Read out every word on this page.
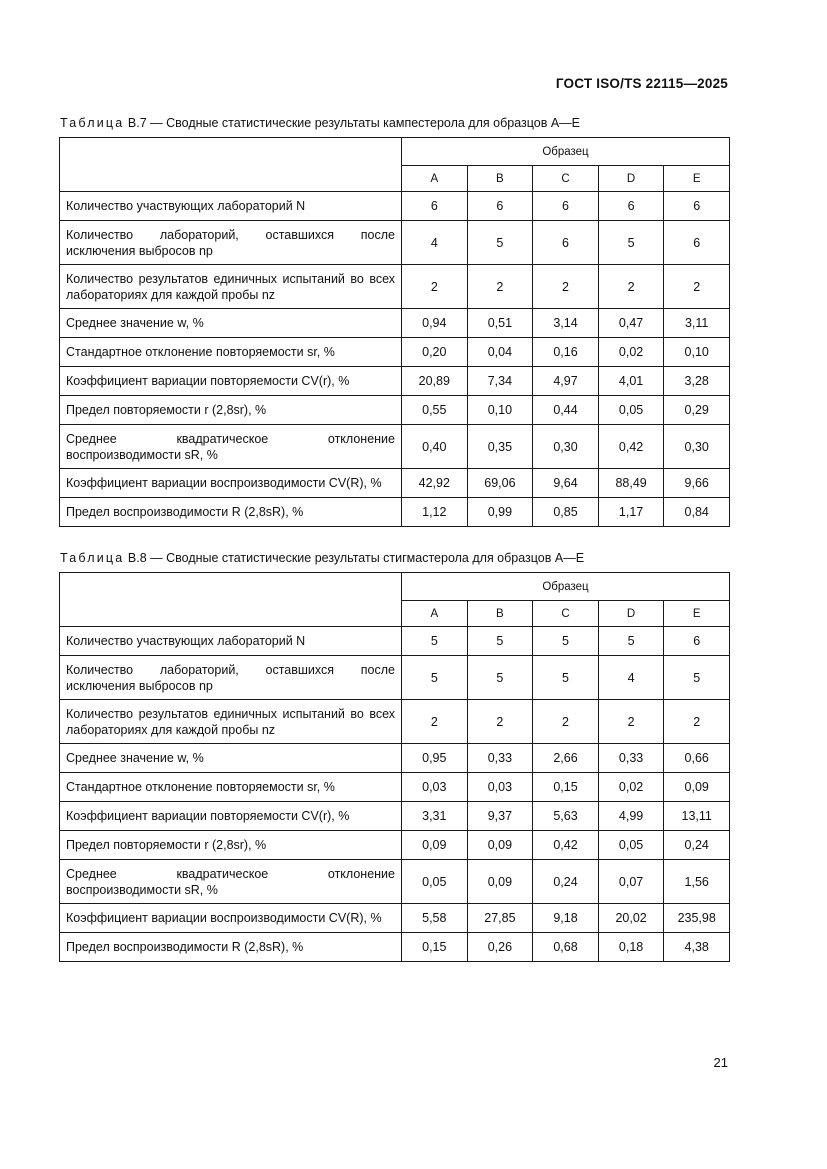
ГОСТ ISO/TS 22115—2025
Таблица B.7 — Сводные статистические результаты кампестерола для образцов A—E
	Образец				
	A	B	C	D	E
Количество участвующих лабораторий N	6	6	6	6	6
Количество лабораторий, оставшихся после исключения выбросов np	4	5	6	5	6
Количество результатов единичных испытаний во всех лабораториях для каждой пробы nz	2	2	2	2	2
Среднее значение w, %	0,94	0,51	3,14	0,47	3,11
Стандартное отклонение повторяемости sr, %	0,20	0,04	0,16	0,02	0,10
Коэффициент вариации повторяемости CV(r), %	20,89	7,34	4,97	4,01	3,28
Предел повторяемости r (2,8sr), %	0,55	0,10	0,44	0,05	0,29
Среднее квадратическое отклонение воспроизводимости sR, %	0,40	0,35	0,30	0,42	0,30
Коэффициент вариации воспроизводимости CV(R), %	42,92	69,06	9,64	88,49	9,66
Предел воспроизводимости R (2,8sR), %	1,12	0,99	0,85	1,17	0,84
Таблица B.8 — Сводные статистические результаты стигмастерола для образцов A—E
	Образец				
	A	B	C	D	E
Количество участвующих лабораторий N	5	5	5	5	6
Количество лабораторий, оставшихся после исключения выбросов np	5	5	5	4	5
Количество результатов единичных испытаний во всех лабораториях для каждой пробы nz	2	2	2	2	2
Среднее значение w, %	0,95	0,33	2,66	0,33	0,66
Стандартное отклонение повторяемости sr, %	0,03	0,03	0,15	0,02	0,09
Коэффициент вариации повторяемости CV(r), %	3,31	9,37	5,63	4,99	13,11
Предел повторяемости r (2,8sr), %	0,09	0,09	0,42	0,05	0,24
Среднее квадратическое отклонение воспроизводимости sR, %	0,05	0,09	0,24	0,07	1,56
Коэффициент вариации воспроизводимости CV(R), %	5,58	27,85	9,18	20,02	235,98
Предел воспроизводимости R (2,8sR), %	0,15	0,26	0,68	0,18	4,38
21
